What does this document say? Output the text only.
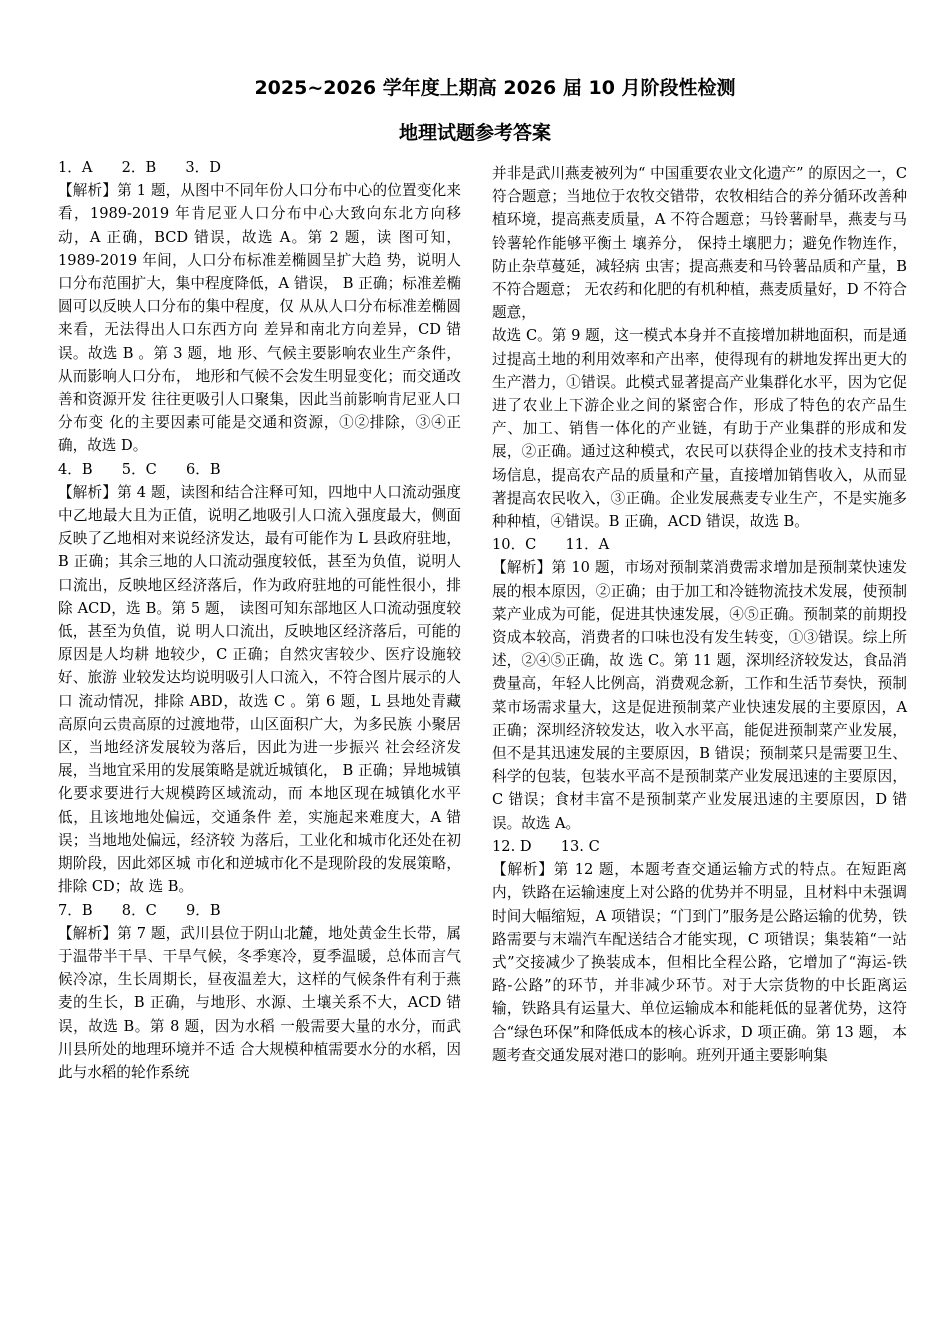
2025~2026 学年度上期高 2026 届 10 月阶段性检测
地理试题参考答案

1．A　　2．B　　3．D

【解析】第 1 题，从图中不同年份人口分布中心的位置变化来看，1989-2019 年肯尼亚人口分布中心大致向东北方向移动，A 正确，BCD 错误，故选 A。第 2 题，读 图可知，1989-2019 年间，人口分布标准差椭圆呈扩大趋 势，说明人口分布范围扩大，集中程度降低，A 错误， B 正确；标准差椭圆可以反映人口分布的集中程度，仅 从从人口分布标准差椭圆来看，无法得出人口东西方向 差异和南北方向差异，CD 错误。故选 B 。第 3 题，地 形、气候主要影响农业生产条件，从而影响人口分布， 地形和气候不会发生明显变化；而交通改善和资源开发 往往更吸引人口聚集，因此当前影响肯尼亚人口分布变 化的主要因素可能是交通和资源，①②排除，③④正 确，故选 D。

4．B　　5．C　　6．B

【解析】第 4 题，读图和结合注释可知，四地中人口流动强度中乙地最大且为正值，说明乙地吸引人口流入强度最大，侧面反映了乙地相对来说经济发达，最有可能作为 L 县政府驻地，B 正确；其余三地的人口流动强度较低，甚至为负值，说明人口流出，反映地区经济落后，作为政府驻地的可能性很小，排除 ACD，选 B。第 5 题， 读图可知东部地区人口流动强度较低，甚至为负值，说 明人口流出，反映地区经济落后，可能的原因是人均耕 地较少，C 正确；自然灾害较少、医疗设施较好、旅游 业较发达均说明吸引人口流入，不符合图片展示的人口 流动情况，排除 ABD，故选 C 。第 6 题，L 县地处青藏 高原向云贵高原的过渡地带，山区面积广大，为多民族 小聚居区，当地经济发展较为落后，因此为进一步振兴 社会经济发展，当地宜采用的发展策略是就近城镇化， B 正确；异地城镇化要求要进行大规模跨区域流动，而 本地区现在城镇化水平低，且该地地处偏远，交通条件 差，实施起来难度大，A 错误；当地地处偏远，经济较 为落后，工业化和城市化还处在初期阶段，因此郊区城 市化和逆城市化不是现阶段的发展策略，排除 CD；故 选 B。

7．B　　8．C　　9．B

【解析】第 7 题，武川县位于阴山北麓，地处黄金生长带，属于温带半干旱、干旱气候，冬季寒冷，夏季温暖，总体而言气候冷凉，生长周期长，昼夜温差大，这样的气候条件有利于燕麦的生长，B 正确，与地形、水源、土壤关系不大，ACD 错误，故选 B。第 8 题，因为水稻 一般需要大量的水分，而武川县所处的地理环境并不适 合大规模种植需要水分的水稻，因此与水稻的轮作系统

并非是武川燕麦被列为“ 中国重要农业文化遗产” 的原因之一，C 符合题意；当地位于农牧交错带，农牧相结合的养分循环改善种植环境，提高燕麦质量，A 不符合题意；马铃薯耐旱，燕麦与马铃薯轮作能够平衡土 壤养分， 保持土壤肥力；避免作物连作，防止杂草蔓延，减轻病 虫害；提高燕麦和马铃薯品质和产量，B 不符合题意； 无农药和化肥的有机种植，燕麦质量好，D 不符合题意，

故选 C。第 9 题，这一模式本身并不直接增加耕地面积，而是通过提高土地的利用效率和产出率，使得现有的耕地发挥出更大的生产潜力，①错误。此模式显著提高产业集群化水平，因为它促进了农业上下游企业之间的紧密合作，形成了特色的农产品生产、加工、销售一体化的产业链，有助于产业集群的形成和发展，②正确。通过这种模式，农民可以获得企业的技术支持和市场信息，提高农产品的质量和产量，直接增加销售收入，从而显著提高农民收入，③正确。企业发展燕麦专业生产，不是实施多种种植，④错误。B 正确，ACD 错误，故选 B。

10．C　　11．A

【解析】第 10 题，市场对预制菜消费需求增加是预制菜快速发展的根本原因，②正确；由于加工和冷链物流技术发展，使预制菜产业成为可能，促进其快速发展，④⑤正确。预制菜的前期投资成本较高，消费者的口味也没有发生转变，①③错误。综上所述，②④⑤正确，故 选 C。第 11 题，深圳经济较发达，食品消费量高，年轻人比例高，消费观念新，工作和生活节奏快，预制菜市场需求量大，这是促进预制菜产业快速发展的主要原因，A 正确；深圳经济较发达，收入水平高，能促进预制菜产业发展，但不是其迅速发展的主要原因，B 错误；预制菜只是需要卫生、科学的包装，包装水平高不是预制菜产业发展迅速的主要原因，C 错误；食材丰富不是预制菜产业发展迅速的主要原因，D 错误。故选 A。

12. D　　13. C

【解析】第 12 题，本题考查交通运输方式的特点。在短距离内，铁路在运输速度上对公路的优势并不明显，且材料中未强调时间大幅缩短，A 项错误；“门到门”服务是公路运输的优势，铁路需要与末端汽车配送结合才能实现，C 项错误；集装箱“一站式”交接减少了换装成本，但相比全程公路，它增加了“海运-铁路-公路”的环节，并非减少环节。对于大宗货物的中长距离运输，铁路具有运量大、单位运输成本和能耗低的显著优势，这符合“绿色环保”和降低成本的核心诉求，D 项正确。第 13 题， 本题考查交通发展对港口的影响。班列开通主要影响集
